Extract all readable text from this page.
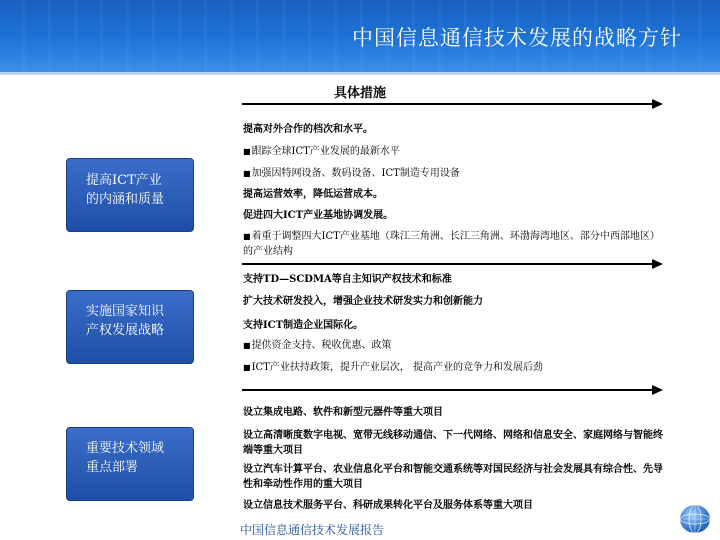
中国信息通信技术发展的战略方针
具体措施
提高ICT产业
的内涵和质量
提高对外合作的档次和水平。
■ 跟踪全球ICT产业发展的最新水平
■ 加强因特网设备、数码设备、ICT制造专用设备
提高运营效率，降低运营成本。
促进四大ICT产业基地协调发展。
■ 着重于调整四大ICT产业基地（珠江三角洲、长江三角洲、环渤海湾地区、部分中西部地区）的产业结构
实施国家知识
产权发展战略
支持TD—SCDMA等自主知识产权技术和标准
扩大技术研发投入，增强企业技术研发实力和创新能力
支持ICT制造企业国际化。
■ 提供资金支持、税收优惠、政策
■ ICT产业扶持政策，提升产业层次， 提高产业的竞争力和发展后劲
重要技术领域
重点部署
设立集成电路、软件和新型元器件等重大项目
设立高清晰度数字电视、宽带无线移动通信、下一代网络、网络和信息安全、家庭网络与智能终端等重大项目
设立汽车计算平台、农业信息化平台和智能交通系统等对国民经济与社会发展具有综合性、先导性和牵动性作用的重大项目
设立信息技术服务平台、科研成果转化平台及服务体系等重大项目
中国信息通信技术发展报告
